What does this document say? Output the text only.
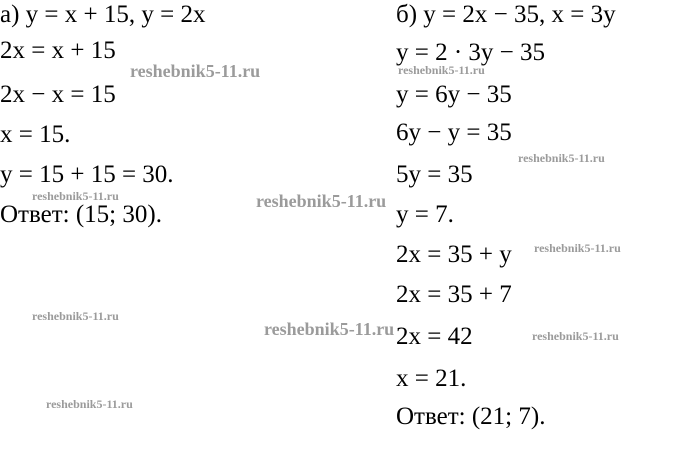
а) y = x + 15, y = 2x
2x = x + 15
2x − x = 15
x = 15.
y = 15 + 15 = 30.
Ответ: (15; 30).
б) y = 2x − 35, x = 3y
y = 2 · 3y − 35
y = 6y − 35
6y − y = 35
5y = 35
y = 7.
2x = 35 + y
2x = 35 + 7
2x = 42
x = 21.
Ответ: (21; 7).
reshebnik5-11.ru	reshebnik5-11.ru
reshebnik5-11.ru
reshebnik5-11.ru	reshebnik5-11.ru
reshebnik5-11.ru
reshebnik5-11.ru
reshebnik5-11.ru	reshebnik5-11.ru
reshebnik5-11.ru
